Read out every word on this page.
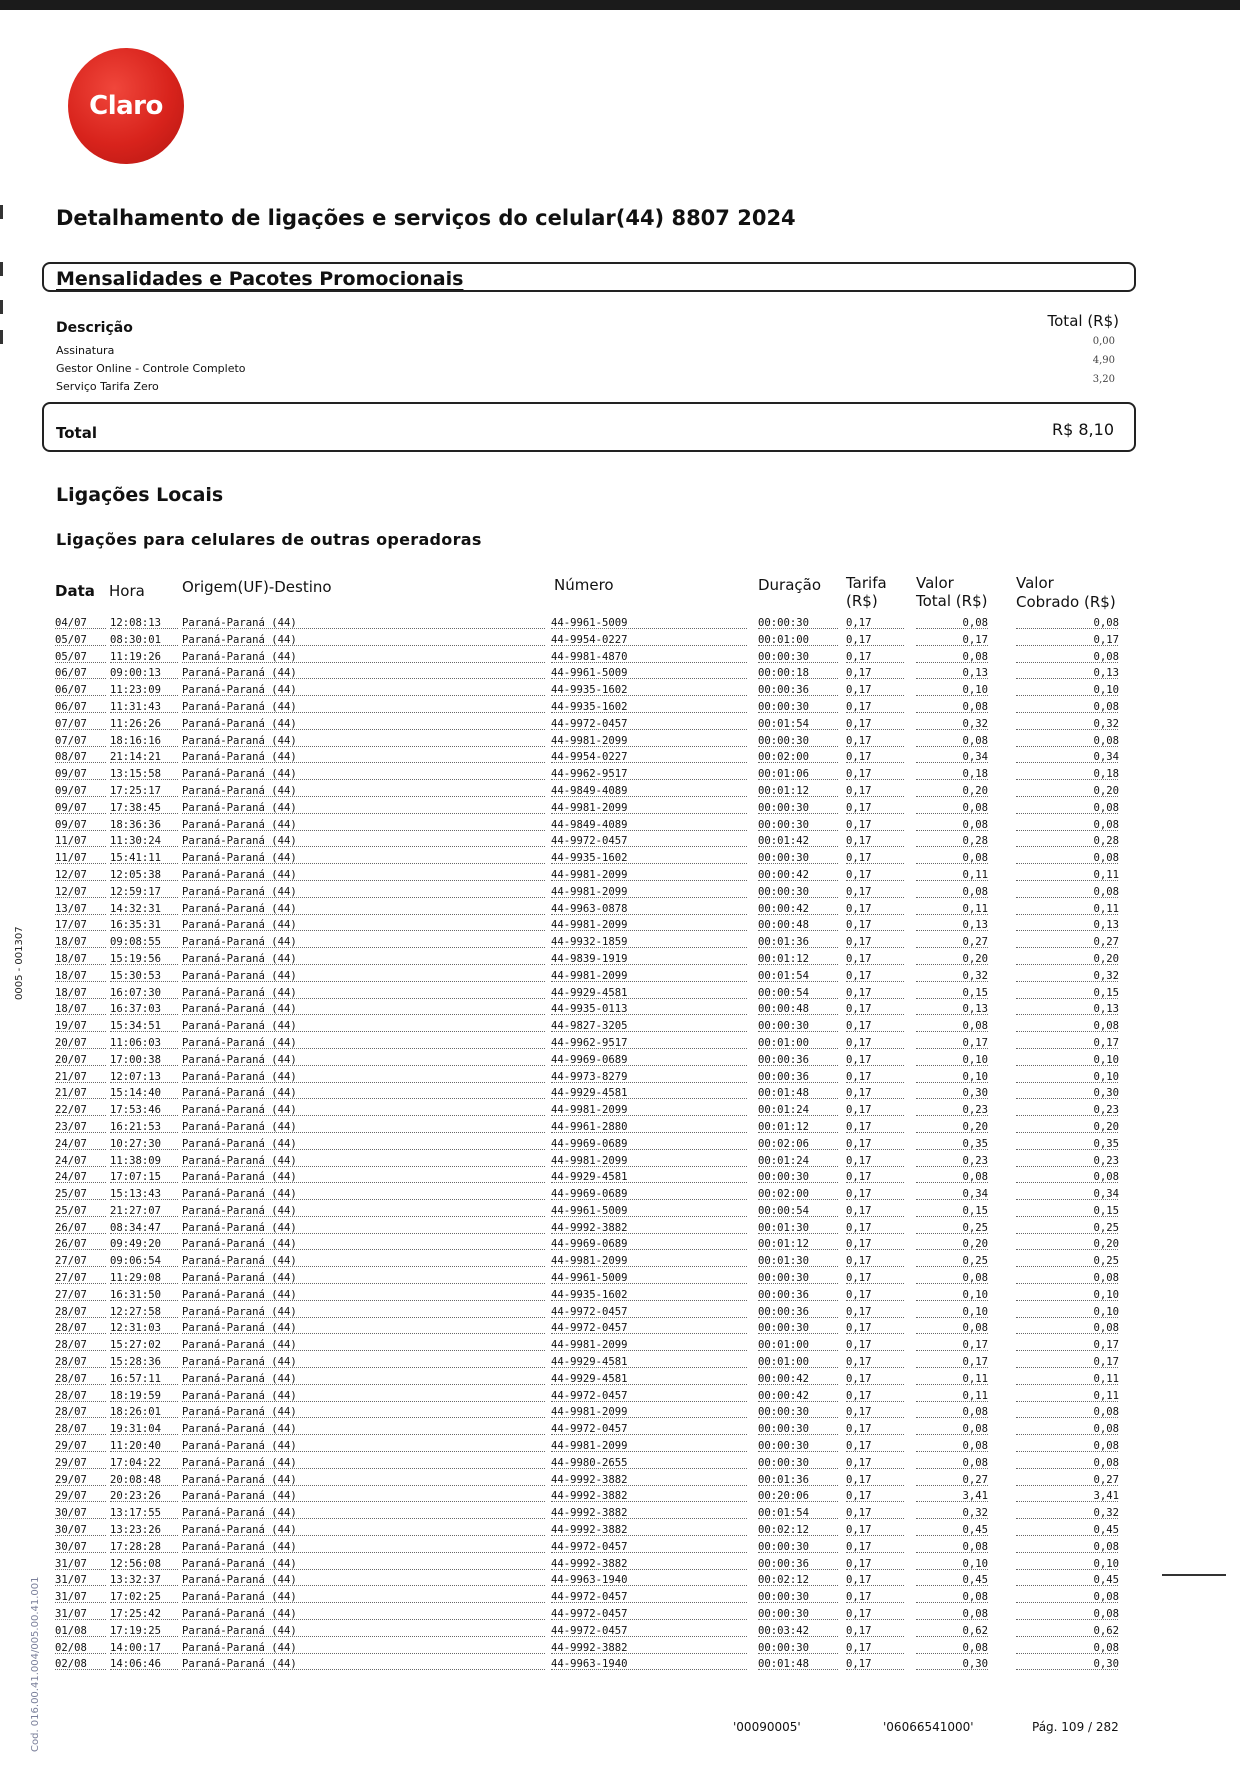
Claro
Detalhamento de ligações e serviços do celular(44) 8807 2024
Mensalidades e Pacotes Promocionais
Descrição	Total (R$)
Assinatura
0,00
Gestor Online - Controle Completo
4,90
Serviço Tarifa Zero
3,20
Total	R$ 8,10
Ligações Locais
Ligações para celulares de outras operadoras
Data Hora Origem(UF)-Destino	Número	Duração Tarifa
(R$)
Valor
Total (R$)
Valor
Cobrado (R$)
04/07 12:08:13 Paraná-Paraná (44)	44-9961-5009	00:00:30	0,17	0,08	0,08
05/07 08:30:01 Paraná-Paraná (44)	44-9954-0227	00:01:00	0,17	0,17	0,17
05/07 11:19:26 Paraná-Paraná (44)	44-9981-4870	00:00:30	0,17	0,08	0,08
06/07 09:00:13 Paraná-Paraná (44)	44-9961-5009	00:00:18	0,17	0,13	0,13
06/07 11:23:09 Paraná-Paraná (44)	44-9935-1602	00:00:36	0,17	0,10	0,10
06/07 11:31:43 Paraná-Paraná (44)	44-9935-1602	00:00:30	0,17	0,08	0,08
07/07 11:26:26 Paraná-Paraná (44)	44-9972-0457	00:01:54	0,17	0,32	0,32
07/07 18:16:16 Paraná-Paraná (44)	44-9981-2099	00:00:30	0,17	0,08	0,08
08/07 21:14:21 Paraná-Paraná (44)	44-9954-0227	00:02:00	0,17	0,34	0,34
09/07 13:15:58 Paraná-Paraná (44)	44-9962-9517	00:01:06	0,17	0,18	0,18
09/07 17:25:17 Paraná-Paraná (44)	44-9849-4089	00:01:12	0,17	0,20	0,20
09/07 17:38:45 Paraná-Paraná (44)	44-9981-2099	00:00:30	0,17	0,08	0,08
09/07 18:36:36 Paraná-Paraná (44)	44-9849-4089	00:00:30	0,17	0,08	0,08
11/07 11:30:24 Paraná-Paraná (44)	44-9972-0457	00:01:42	0,17	0,28	0,28
11/07 15:41:11 Paraná-Paraná (44)	44-9935-1602	00:00:30	0,17	0,08	0,08
12/07 12:05:38 Paraná-Paraná (44)	44-9981-2099	00:00:42	0,17	0,11	0,11
12/07 12:59:17 Paraná-Paraná (44)	44-9981-2099	00:00:30	0,17	0,08	0,08
13/07 14:32:31 Paraná-Paraná (44)	44-9963-0878	00:00:42	0,17	0,11	0,11
17/07 16:35:31 Paraná-Paraná (44)	44-9981-2099	00:00:48	0,17	0,13	0,13
18/07 09:08:55 Paraná-Paraná (44)	44-9932-1859	00:01:36	0,17	0,27	0,27
18/07 15:19:56 Paraná-Paraná (44)	44-9839-1919	00:01:12	0,17	0,20	0,20
18/07 15:30:53 Paraná-Paraná (44)	44-9981-2099	00:01:54	0,17	0,32	0,32
18/07 16:07:30 Paraná-Paraná (44)	44-9929-4581	00:00:54	0,17	0,15	0,15
18/07 16:37:03 Paraná-Paraná (44)	44-9935-0113	00:00:48	0,17	0,13	0,13
19/07 15:34:51 Paraná-Paraná (44)	44-9827-3205	00:00:30	0,17	0,08	0,08
20/07 11:06:03 Paraná-Paraná (44)	44-9962-9517	00:01:00	0,17	0,17	0,17
20/07 17:00:38 Paraná-Paraná (44)	44-9969-0689	00:00:36	0,17	0,10	0,10
21/07 12:07:13 Paraná-Paraná (44)	44-9973-8279	00:00:36	0,17	0,10	0,10
21/07 15:14:40 Paraná-Paraná (44)	44-9929-4581	00:01:48	0,17	0,30	0,30
22/07 17:53:46 Paraná-Paraná (44)	44-9981-2099	00:01:24	0,17	0,23	0,23
23/07 16:21:53 Paraná-Paraná (44)	44-9961-2880	00:01:12	0,17	0,20	0,20
24/07 10:27:30 Paraná-Paraná (44)	44-9969-0689	00:02:06	0,17	0,35	0,35
24/07 11:38:09 Paraná-Paraná (44)	44-9981-2099	00:01:24	0,17	0,23	0,23
24/07 17:07:15 Paraná-Paraná (44)	44-9929-4581	00:00:30	0,17	0,08	0,08
25/07 15:13:43 Paraná-Paraná (44)	44-9969-0689	00:02:00	0,17	0,34	0,34
25/07 21:27:07 Paraná-Paraná (44)	44-9961-5009	00:00:54	0,17	0,15	0,15
26/07 08:34:47 Paraná-Paraná (44)	44-9992-3882	00:01:30	0,17	0,25	0,25
26/07 09:49:20 Paraná-Paraná (44)	44-9969-0689	00:01:12	0,17	0,20	0,20
27/07 09:06:54 Paraná-Paraná (44)	44-9981-2099	00:01:30	0,17	0,25	0,25
27/07 11:29:08 Paraná-Paraná (44)	44-9961-5009	00:00:30	0,17	0,08	0,08
27/07 16:31:50 Paraná-Paraná (44)	44-9935-1602	00:00:36	0,17	0,10	0,10
28/07 12:27:58 Paraná-Paraná (44)	44-9972-0457	00:00:36	0,17	0,10	0,10
28/07 12:31:03 Paraná-Paraná (44)	44-9972-0457	00:00:30	0,17	0,08	0,08
28/07 15:27:02 Paraná-Paraná (44)	44-9981-2099	00:01:00	0,17	0,17	0,17
28/07 15:28:36 Paraná-Paraná (44)	44-9929-4581	00:01:00	0,17	0,17	0,17
28/07 16:57:11 Paraná-Paraná (44)	44-9929-4581	00:00:42	0,17	0,11	0,11
28/07 18:19:59 Paraná-Paraná (44)	44-9972-0457	00:00:42	0,17	0,11	0,11
28/07 18:26:01 Paraná-Paraná (44)	44-9981-2099	00:00:30	0,17	0,08	0,08
28/07 19:31:04 Paraná-Paraná (44)	44-9972-0457	00:00:30	0,17	0,08	0,08
29/07 11:20:40 Paraná-Paraná (44)	44-9981-2099	00:00:30	0,17	0,08	0,08
29/07 17:04:22 Paraná-Paraná (44)	44-9980-2655	00:00:30	0,17	0,08	0,08
29/07 20:08:48 Paraná-Paraná (44)	44-9992-3882	00:01:36	0,17	0,27	0,27
29/07 20:23:26 Paraná-Paraná (44)	44-9992-3882	00:20:06	0,17	3,41	3,41
30/07 13:17:55 Paraná-Paraná (44)	44-9992-3882	00:01:54	0,17	0,32	0,32
30/07 13:23:26 Paraná-Paraná (44)	44-9992-3882	00:02:12	0,17	0,45	0,45
30/07 17:28:28 Paraná-Paraná (44)	44-9972-0457	00:00:30	0,17	0,08	0,08
31/07 12:56:08 Paraná-Paraná (44)	44-9992-3882	00:00:36	0,17	0,10	0,10
31/07 13:32:37 Paraná-Paraná (44)	44-9963-1940	00:02:12	0,17	0,45	0,45
31/07 17:02:25 Paraná-Paraná (44)	44-9972-0457	00:00:30	0,17	0,08	0,08
31/07 17:25:42 Paraná-Paraná (44)	44-9972-0457	00:00:30	0,17	0,08	0,08
01/08 17:19:25 Paraná-Paraná (44)	44-9972-0457	00:03:42	0,17	0,62	0,62
02/08 14:00:17 Paraná-Paraná (44)	44-9992-3882	00:00:30	0,17	0,08	0,08
02/08 14:06:46 Paraná-Paraná (44)	44-9963-1940	00:01:48	0,17	0,30	0,30
'00090005'	'06066541000'	Pág. 109 / 282
0005 - 001307
Cod. 016.00.41.004/005.00.41.001
